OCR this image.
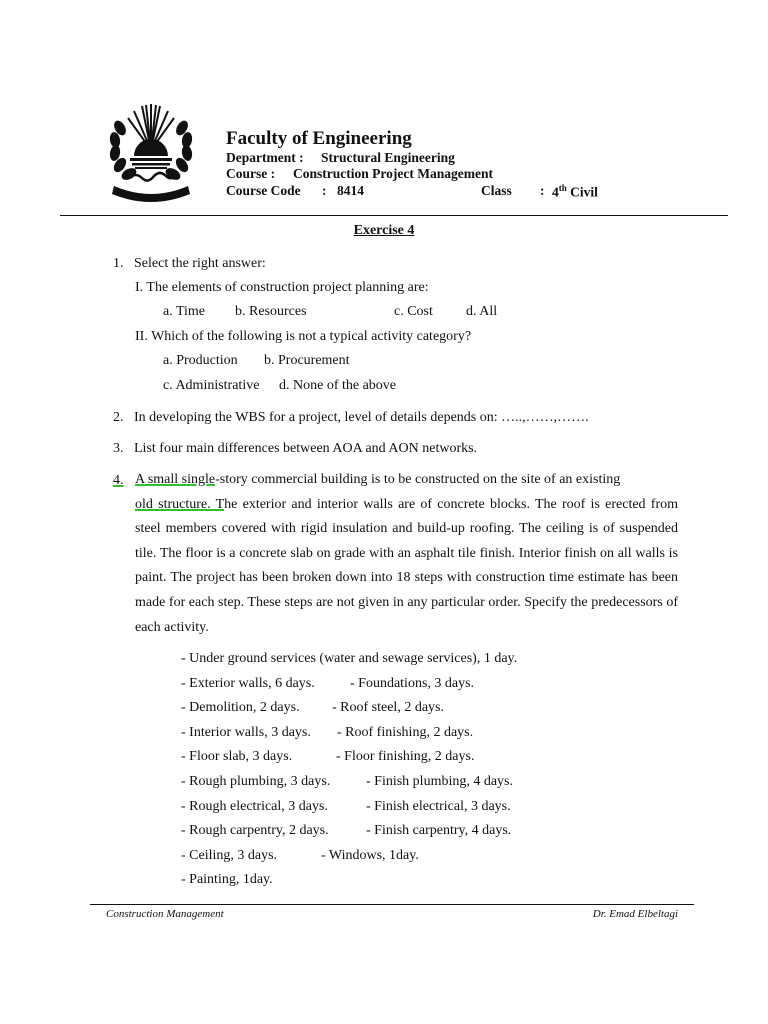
Faculty of Engineering
Department : Structural Engineering
Course : Construction Project Management
Course Code : 8414	Class : 4th Civil
Exercise 4
1. Select the right answer:
I. The elements of construction project planning are:
a. Time b. Resources	c. Cost d. All
II. Which of the following is not a typical activity category?
a. Production b. Procurement
c. Administrative d. None of the above
2. In developing the WBS for a project, level of details depends on: …..,……,…….
3. List four main differences between AOA and AON networks.
4. A small single-story commercial building is to be constructed on the site of an existing
old structure. The exterior and interior walls are of concrete blocks. The roof is erected from steel members covered with rigid insulation and build-up roofing. The ceiling is of suspended tile. The floor is a concrete slab on grade with an asphalt tile finish. Interior finish on all walls is paint. The project has been broken down into 18 steps with construction time estimate has been made for each step. These steps are not given in any particular order. Specify the predecessors of each activity.
- Under ground services (water and sewage services), 1 day.
- Exterior walls, 6 days.	- Foundations, 3 days.
- Demolition, 2 days. - Roof steel, 2 days.
- Interior walls, 3 days. - Roof finishing, 2 days.
- Floor slab, 3 days.	- Floor finishing, 2 days.
- Rough plumbing, 3 days.	- Finish plumbing, 4 days.
- Rough electrical, 3 days.	- Finish electrical, 3 days.
- Rough carpentry, 2 days.	- Finish carpentry, 4 days.
- Ceiling, 3 days.	- Windows, 1day.
- Painting, 1day.
Construction Management	Dr. Emad Elbeltagi
